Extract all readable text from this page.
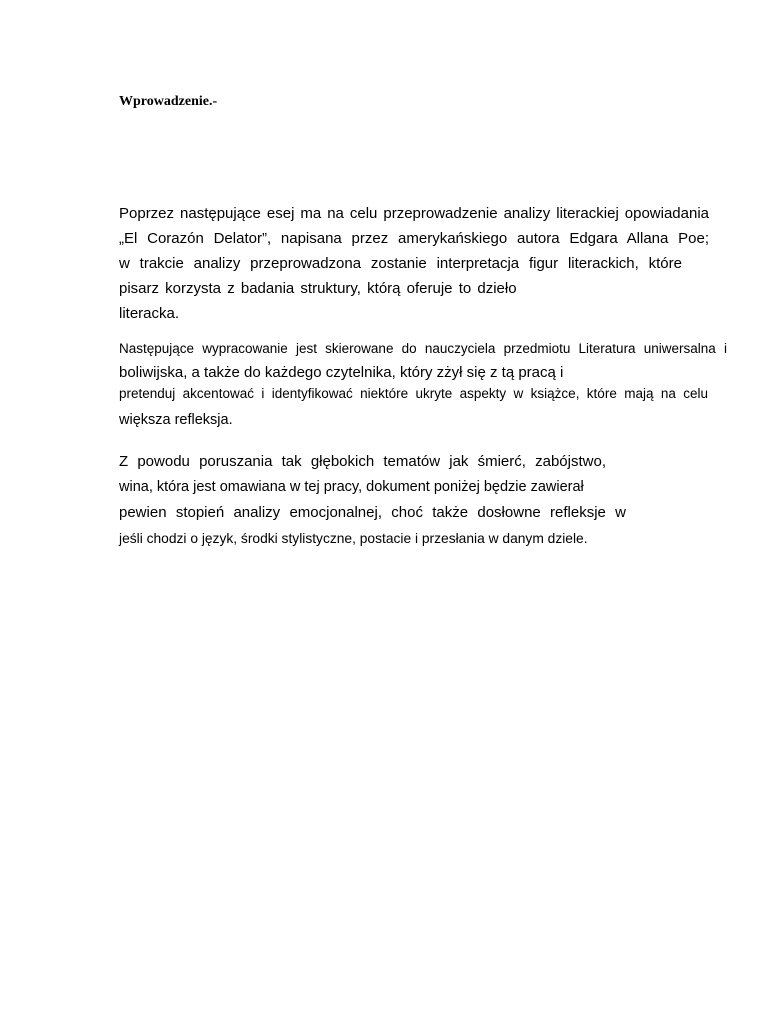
Wprowadzenie.-
Poprzez następujące esej ma na celu przeprowadzenie analizy literackiej opowiadania
„El Corazón Delator”, napisana przez amerykańskiego autora Edgara Allana Poe;
w trakcie analizy przeprowadzona zostanie interpretacja figur literackich, które
pisarz korzysta z badania struktury, którą oferuje to dzieło
literacka.
Następujące wypracowanie jest skierowane do nauczyciela przedmiotu Literatura uniwersalna i
boliwijska, a także do każdego czytelnika, który zżył się z tą pracą i
pretenduj akcentować i identyfikować niektóre ukryte aspekty w książce, które mają na celu
większa refleksja.
Z powodu poruszania tak głębokich tematów jak śmierć, zabójstwo,
wina, która jest omawiana w tej pracy, dokument poniżej będzie zawierał
pewien stopień analizy emocjonalnej, choć także dosłowne refleksje w
jeśli chodzi o język, środki stylistyczne, postacie i przesłania w danym dziele.
